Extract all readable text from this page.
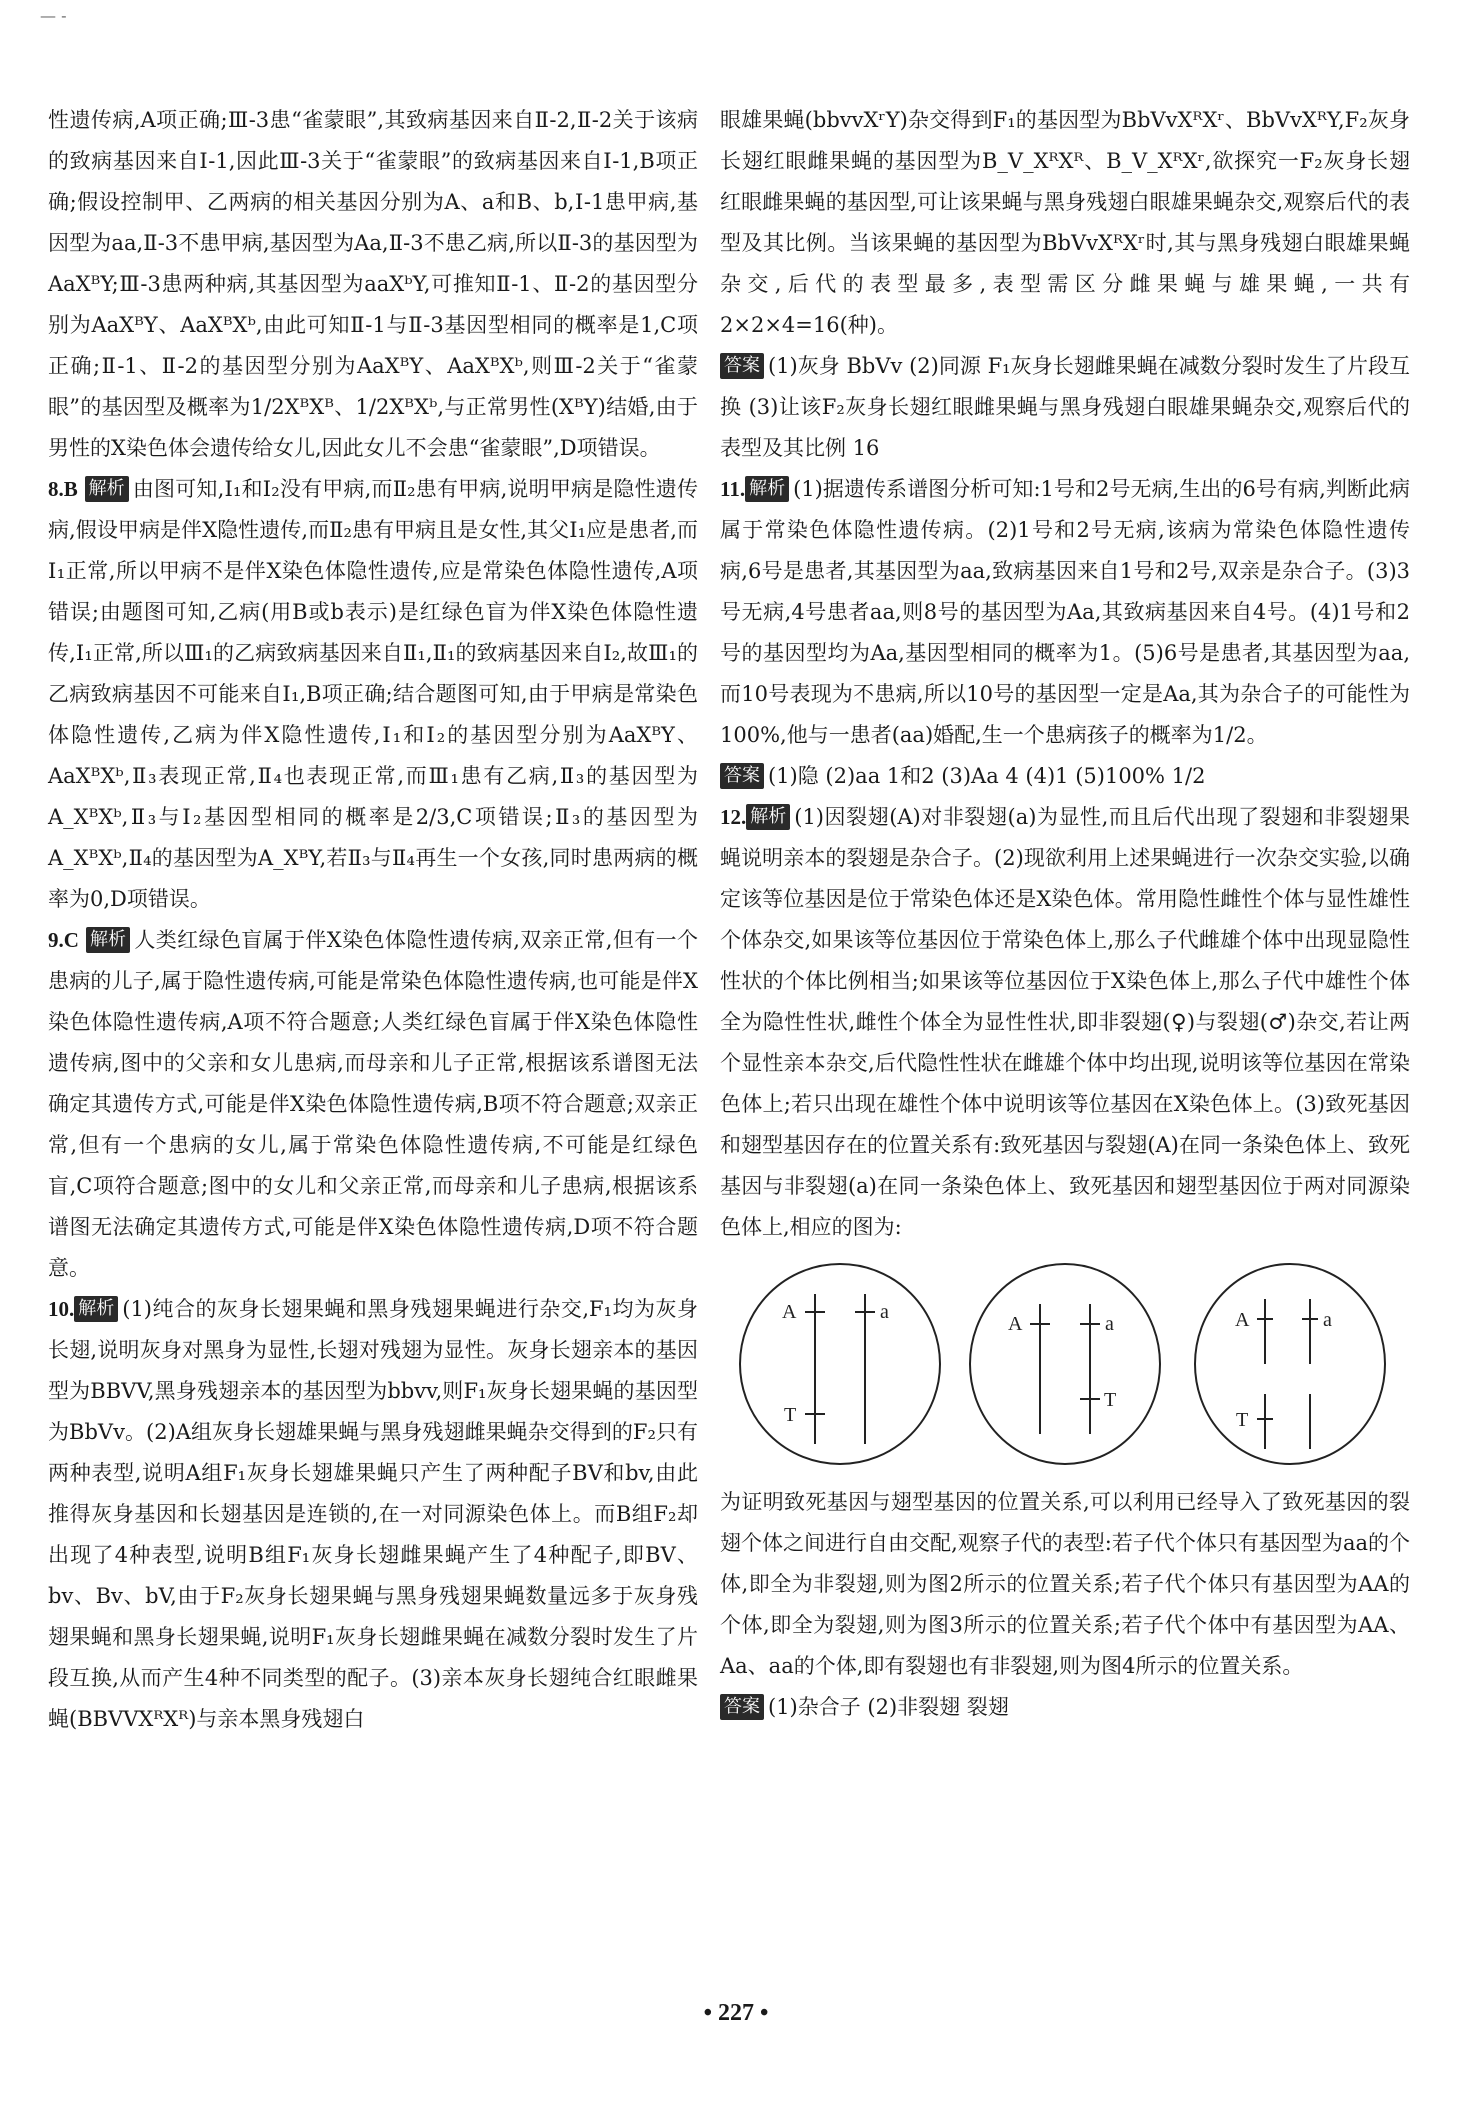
— -

性遗传病,A项正确;Ⅲ-3患“雀蒙眼”,其致病基因来自Ⅱ-2,Ⅱ-2关于该病的致病基因来自Ⅰ-1,因此Ⅲ-3关于“雀蒙眼”的致病基因来自Ⅰ-1,B项正确;假设控制甲、乙两病的相关基因分别为A、a和B、b,Ⅰ-1患甲病,基因型为aa,Ⅱ-3不患甲病,基因型为Aa,Ⅱ-3不患乙病,所以Ⅱ-3的基因型为AaXᴮY;Ⅲ-3患两种病,其基因型为aaXᵇY,可推知Ⅱ-1、Ⅱ-2的基因型分别为AaXᴮY、AaXᴮXᵇ,由此可知Ⅱ-1与Ⅱ-3基因型相同的概率是1,C项正确;Ⅱ-1、Ⅱ-2的基因型分别为AaXᴮY、AaXᴮXᵇ,则Ⅲ-2关于“雀蒙眼”的基因型及概率为1/2XᴮXᴮ、1/2XᴮXᵇ,与正常男性(XᴮY)结婚,由于男性的X染色体会遗传给女儿,因此女儿不会患“雀蒙眼”,D项错误。

8.B 解析 由图可知,Ⅰ₁和Ⅰ₂没有甲病,而Ⅱ₂患有甲病,说明甲病是隐性遗传病,假设甲病是伴X隐性遗传,而Ⅱ₂患有甲病且是女性,其父Ⅰ₁应是患者,而Ⅰ₁正常,所以甲病不是伴X染色体隐性遗传,应是常染色体隐性遗传,A项错误;由题图可知,乙病(用B或b表示)是红绿色盲为伴X染色体隐性遗传,Ⅰ₁正常,所以Ⅲ₁的乙病致病基因来自Ⅱ₁,Ⅱ₁的致病基因来自Ⅰ₂,故Ⅲ₁的乙病致病基因不可能来自Ⅰ₁,B项正确;结合题图可知,由于甲病是常染色体隐性遗传,乙病为伴X隐性遗传,Ⅰ₁和Ⅰ₂的基因型分别为AaXᴮY、AaXᴮXᵇ,Ⅱ₃表现正常,Ⅱ₄也表现正常,而Ⅲ₁患有乙病,Ⅱ₃的基因型为A_XᴮXᵇ,Ⅱ₃与Ⅰ₂基因型相同的概率是2/3,C项错误;Ⅱ₃的基因型为A_XᴮXᵇ,Ⅱ₄的基因型为A_XᴮY,若Ⅱ₃与Ⅱ₄再生一个女孩,同时患两病的概率为0,D项错误。

9.C 解析 人类红绿色盲属于伴X染色体隐性遗传病,双亲正常,但有一个患病的儿子,属于隐性遗传病,可能是常染色体隐性遗传病,也可能是伴X染色体隐性遗传病,A项不符合题意;人类红绿色盲属于伴X染色体隐性遗传病,图中的父亲和女儿患病,而母亲和儿子正常,根据该系谱图无法确定其遗传方式,可能是伴X染色体隐性遗传病,B项不符合题意;双亲正常,但有一个患病的女儿,属于常染色体隐性遗传病,不可能是红绿色盲,C项符合题意;图中的女儿和父亲正常,而母亲和儿子患病,根据该系谱图无法确定其遗传方式,可能是伴X染色体隐性遗传病,D项不符合题意。

10. 解析 (1)纯合的灰身长翅果蝇和黑身残翅果蝇进行杂交,F₁均为灰身长翅,说明灰身对黑身为显性,长翅对残翅为显性。灰身长翅亲本的基因型为BBVV,黑身残翅亲本的基因型为bbvv,则F₁灰身长翅果蝇的基因型为BbVv。(2)A组灰身长翅雄果蝇与黑身残翅雌果蝇杂交得到的F₂只有两种表型,说明A组F₁灰身长翅雄果蝇只产生了两种配子BV和bv,由此推得灰身基因和长翅基因是连锁的,在一对同源染色体上。而B组F₂却出现了4种表型,说明B组F₁灰身长翅雌果蝇产生了4种配子,即BV、bv、Bv、bV,由于F₂灰身长翅果蝇与黑身残翅果蝇数量远多于灰身残翅果蝇和黑身长翅果蝇,说明F₁灰身长翅雌果蝇在减数分裂时发生了片段互换,从而产生4种不同类型的配子。(3)亲本灰身长翅纯合红眼雌果蝇(BBVVXᴿXᴿ)与亲本黑身残翅白

眼雄果蝇(bbvvXʳY)杂交得到F₁的基因型为BbVvXᴿXʳ、BbVvXᴿY,F₂灰身长翅红眼雌果蝇的基因型为B_V_XᴿXᴿ、B_V_XᴿXʳ,欲探究一F₂灰身长翅红眼雌果蝇的基因型,可让该果蝇与黑身残翅白眼雄果蝇杂交,观察后代的表型及其比例。当该果蝇的基因型为BbVvXᴿXʳ时,其与黑身残翅白眼雄果蝇杂交,后代的表型最多,表型需区分雌果蝇与雄果蝇,一共有2×2×4=16(种)。

答案 (1)灰身 BbVv (2)同源 F₁灰身长翅雌果蝇在减数分裂时发生了片段互换 (3)让该F₂灰身长翅红眼雌果蝇与黑身残翅白眼雄果蝇杂交,观察后代的表型及其比例 16

11. 解析 (1)据遗传系谱图分析可知:1号和2号无病,生出的6号有病,判断此病属于常染色体隐性遗传病。(2)1号和2号无病,该病为常染色体隐性遗传病,6号是患者,其基因型为aa,致病基因来自1号和2号,双亲是杂合子。(3)3号无病,4号患者aa,则8号的基因型为Aa,其致病基因来自4号。(4)1号和2号的基因型均为Aa,基因型相同的概率为1。(5)6号是患者,其基因型为aa,而10号表现为不患病,所以10号的基因型一定是Aa,其为杂合子的可能性为100%,他与一患者(aa)婚配,生一个患病孩子的概率为1/2。

答案 (1)隐 (2)aa 1和2 (3)Aa 4 (4)1 (5)100% 1/2

12. 解析 (1)因裂翅(A)对非裂翅(a)为显性,而且后代出现了裂翅和非裂翅果蝇说明亲本的裂翅是杂合子。(2)现欲利用上述果蝇进行一次杂交实验,以确定该等位基因是位于常染色体还是X染色体。常用隐性雌性个体与显性雄性个体杂交,如果该等位基因位于常染色体上,那么子代雌雄个体中出现显隐性性状的个体比例相当;如果该等位基因位于X染色体上,那么子代中雄性个体全为隐性性状,雌性个体全为显性性状,即非裂翅(♀)与裂翅(♂)杂交,若让两个显性亲本杂交,后代隐性性状在雌雄个体中均出现,说明该等位基因在常染色体上;若只出现在雄性个体中说明该等位基因在X染色体上。(3)致死基因和翅型基因存在的位置关系有:致死基因与裂翅(A)在同一条染色体上、致死基因与非裂翅(a)在同一条染色体上、致死基因和翅型基因位于两对同源染色体上,相应的图为:

A	a
T
A	a
T
A	a
T

为证明致死基因与翅型基因的位置关系,可以利用已经导入了致死基因的裂翅个体之间进行自由交配,观察子代的表型:若子代个体只有基因型为aa的个体,即全为非裂翅,则为图2所示的位置关系;若子代个体只有基因型为AA的个体,即全为裂翅,则为图3所示的位置关系;若子代个体中有基因型为AA、Aa、aa的个体,即有裂翅也有非裂翅,则为图4所示的位置关系。

答案 (1)杂合子 (2)非裂翅 裂翅

• 227 •
